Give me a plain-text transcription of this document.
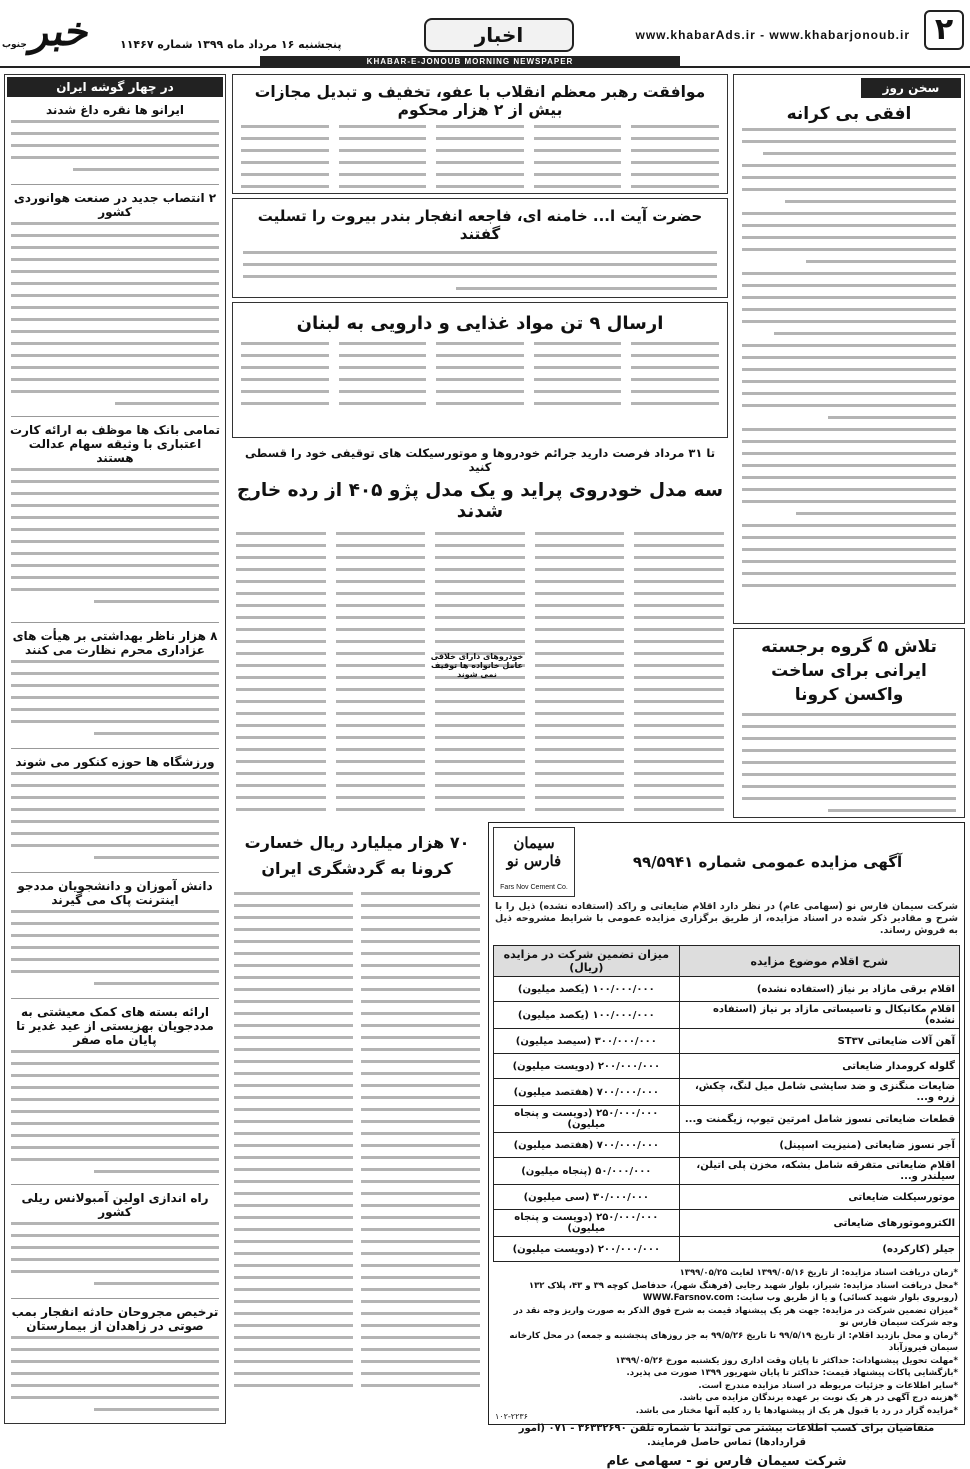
۲
www.khabarAds.ir - www.khabarjonoub.ir
اخبار
پنجشنبه ۱۶ مرداد ماه ۱۳۹۹ شماره ۱۱۴۶۷
خبر
جنوب
KHABAR-E-JONOUB MORNING NEWSPAPER
سخن روز
افقی بی کرانه
تلاش ۵ گروه برجسته ایرانی برای ساخت واکسن کرونا
در چهار گوشه ایران
ایرانو ها نقره داغ شدند
۲ انتصاب جدید در صنعت هوانوردی کشور
تمامی بانک ها موظف به ارائه کارت اعتباری با وثیقه سهام عدالت هستند
۸ هزار ناظر بهداشتی بر هیأت های عزاداری محرم نظارت می کنند
ورزشگاه ها حوزه کنکور می شوند
دانش آموزان و دانشجویان مددجو اینترنت پاک می گیرند
ارائه بسته های کمک معیشتی به مددجویان بهزیستی از عید غدیر تا پایان ماه صفر
راه اندازی اولین آمبولانس ریلی کشور
ترخیص مجروحان حادثه انفجار بمب صوتی در زاهدان از بیمارستان
موافقت رهبر معظم انقلاب با عفو، تخفیف و تبدیل مجازات بیش از ۲ هزار محکوم
حضرت آیت ا... خامنه ای، فاجعه انفجار بندر بیروت را تسلیت گفتند
ارسال ۹ تن مواد غذایی و دارویی به لبنان
تا ۳۱ مرداد فرصت دارید جرائم خودروها و موتورسیکلت های توقیفی خود را قسطی کنید
سه مدل خودروی پراید و یک مدل پژو ۴۰۵ از رده خارج شدند
خودروهای دارای خلافی عامل خانواده ها توقیف نمی شوند
۷۰ هزار میلیارد ریال خسارت کرونا به گردشگری ایران	آگهی مزایده عمومی شماره ۹۹/۵۹۴۱
سیمان فارس نو
Fars Nov Cement Co.
شرکت سیمان فارس نو (سهامی عام) در نظر دارد اقلام ضایعاتی و راکد (استفاده نشده) ذیل را با شرح و مقادیر ذکر شده در اسناد مزایده، از طریق برگزاری مزایده عمومی با شرایط مشروحه ذیل به فروش رساند.
شرح اقلام موضوع مزایده	میزان تضمین شرکت در مزایده (ریال)
اقلام برقی مازاد بر نیاز (استفاده نشده)	۱۰۰/۰۰۰/۰۰۰ (یکصد میلیون)
اقلام مکانیکال و تاسیساتی مازاد بر نیاز (استفاده نشده)	۱۰۰/۰۰۰/۰۰۰ (یکصد میلیون)
آهن آلات ضایعاتی ST۳۷	۳۰۰/۰۰۰/۰۰۰ (سیصد میلیون)
گلوله کرومدار ضایعاتی	۲۰۰/۰۰۰/۰۰۰ (دویست میلیون)
ضایعات منگنزی و ضد سایشی شامل میل لنگ، چکش، زره و...	۷۰۰/۰۰۰/۰۰۰ (هفتصد میلیون)
قطعات ضایعاتی نسوز شامل امرتین تیوپ، زیگمنت و...	۲۵۰/۰۰۰/۰۰۰ (دویست و پنجاه میلیون)
آجر نسوز ضایعاتی (منیزیت اسپینل)	۷۰۰/۰۰۰/۰۰۰ (هفتصد میلیون)
اقلام ضایعاتی متفرقه شامل بشکه، مخزن پلی اتیلن، سیلندر و...	۵۰/۰۰۰/۰۰۰ (پنجاه میلیون)
موتورسیکلت ضایعاتی	۳۰/۰۰۰/۰۰۰ (سی میلیون)
الکتروموتورهای ضایعاتی	۲۵۰/۰۰۰/۰۰۰ (دویست و پنجاه میلیون)
جیلر (کارکرده)	۲۰۰/۰۰۰/۰۰۰ (دویست میلیون)
*زمان دریافت اسناد مزایده: از تاریخ ۱۳۹۹/۰۵/۱۶ لغایت ۱۳۹۹/۰۵/۲۵
*محل دریافت اسناد مزایده: شیراز، بلوار شهید رجایی (فرهنگ شهر)، حدفاصل کوچه ۳۹ و ۴۳، پلاک ۱۳۲ (روبروی بلوار شهید کسائی) و یا از طریق وب سایت: WWW.Farsnov.com
*میزان تضمین شرکت در مزایده: جهت هر یک پیشنهاد قیمت به شرح فوق الذکر به صورت واریز وجه نقد در وجه شرکت سیمان فارس نو
*زمان و محل بازدید اقلام: از تاریخ ۹۹/۵/۱۹ تا تاریخ ۹۹/۵/۲۶ به جز روزهای پنجشنبه و جمعه) در محل کارخانه سیمان فیروزآباد
*مهلت تحویل پیشنهادات: حداکثر تا پایان وقت اداری روز یکشنبه مورخ ۱۳۹۹/۰۵/۲۶
*بازگشایی پاکات پیشنهاد قیمت: حداکثر تا پایان شهریور ۱۳۹۹ صورت می پذیرد.
*سایر اطلاعات و جزئیات مربوطه در اسناد مزایده مندرج است.
*هزینه درج آگهی در هر یک نوبت بر عهده برندگان مزایده می باشد.
*مزایده گزار در رد یا قبول هر یک از پیشنهادها یا رد کلیه آنها مختار می باشد.
متقاضیان برای کسب اطلاعات بیشتر می توانند با شماره تلفن ۳۶۳۳۲۶۹۰ - ۰۷۱ (امور قراردادها) تماس حاصل فرمایند.
شرکت سیمان فارس نو - سهامی عام
۱۰۲-۲۲۳۶
